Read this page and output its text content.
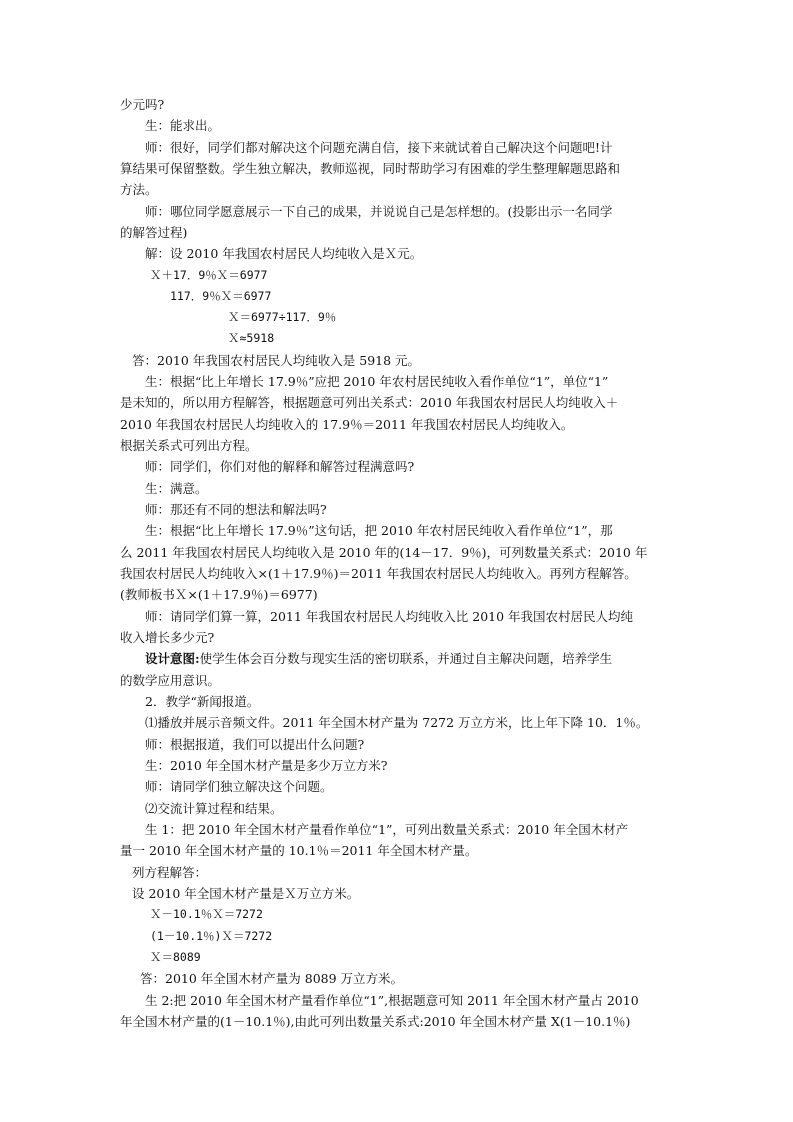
少元吗?
生：能求出。
师：很好，同学们都对解决这个问题充满自信，接下来就试着自己解决这个问题吧!计
算结果可保留整数。学生独立解决，教师巡视，同时帮助学习有困难的学生整理解题思路和
方法。
师：哪位同学愿意展示一下自己的成果，并说说自己是怎样想的。(投影出示一名同学
的解答过程)
解：设 2010 年我国农村居民人均纯收入是Ｘ元。
Ｘ＋17．9％Ｘ＝6977
117．9％Ｘ＝6977
Ｘ＝6977÷117．9％
Ｘ≈5918
答：2010 年我国农村居民人均纯收入是 5918 元。
生：根据“比上年增长 17.9％”应把 2010 年农村居民纯收入看作单位“1”，单位“1”
是未知的，所以用方程解答，根据题意可列出关系式：2010 年我国农村居民人均纯收入＋
2010 年我国农村居民人均纯收入的 17.9％＝2011 年我国农村居民人均纯收入。
根据关系式可列出方程。
师：同学们，你们对他的解释和解答过程满意吗?
生：满意。
师：那还有不同的想法和解法吗?
生：根据“比上年增长 17.9％”这句话，把 2010 年农村居民纯收入看作单位“1”，那
么 2011 年我国农村居民人均纯收入是 2010 年的(14－17．9％)，可列数量关系式：2010 年
我国农村居民人均纯收入×(1＋17.9％)＝2011 年我国农村居民人均纯收入。再列方程解答。
(教师板书Ｘ×(1＋17.9％)＝6977)
师：请同学们算一算，2011 年我国农村居民人均纯收入比 2010 年我国农村居民人均纯
收入增长多少元?
设计意图:使学生体会百分数与现实生活的密切联系，并通过自主解决问题，培养学生
的数学应用意识。
2．教学“新闻报道。
⑴播放并展示音频文件。2011 年全国木材产量为 7272 万立方米，比上年下降 10．1％。
师：根据报道，我们可以提出什么问题?
生：2010 年全国木材产量是多少万立方米?
师：请同学们独立解决这个问题。
⑵交流计算过程和结果。
生 1：把 2010 年全国木材产量看作单位“1”，可列出数量关系式：2010 年全国木材产
量一 2010 年全国木材产量的 10.1％＝2011 年全国木材产量。
列方程解答：
设 2010 年全国木材产量是Ｘ万立方米。
Ｘ－10.1％Ｘ＝7272
(1－10.1％)Ｘ＝7272
Ｘ＝8089
答：2010 年全国木材产量为 8089 万立方米。
生 2:把 2010 年全国木材产量看作单位“1”,根据题意可知 2011 年全国木材产量占 2010
年全国木材产量的(1－10.1％),由此可列出数量关系式:2010 年全国木材产量 X(1－10.1％)
